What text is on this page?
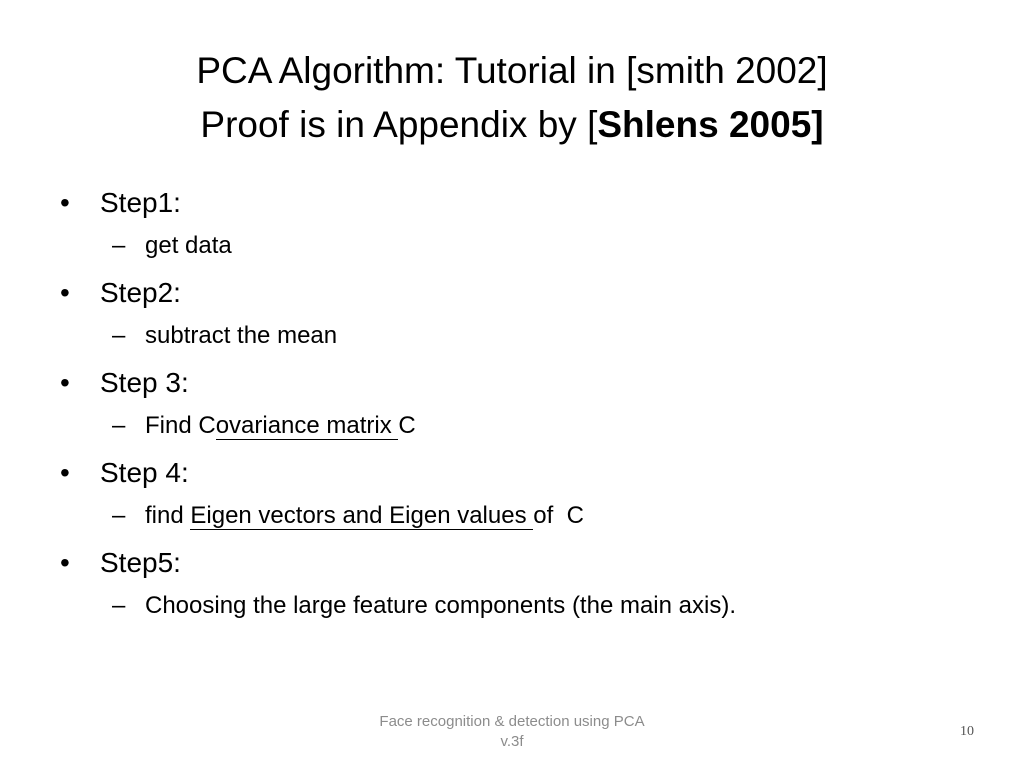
PCA Algorithm: Tutorial in [smith 2002]
Proof is in Appendix by [Shlens 2005]
• Step1:
– get data
• Step2:
– subtract the mean
• Step 3:
– Find Covariance matrix C
• Step 4:
– find Eigen vectors and Eigen values of  C
• Step5:
– Choosing the large feature components (the main axis).
Face recognition & detection using PCA
v.3f
10
